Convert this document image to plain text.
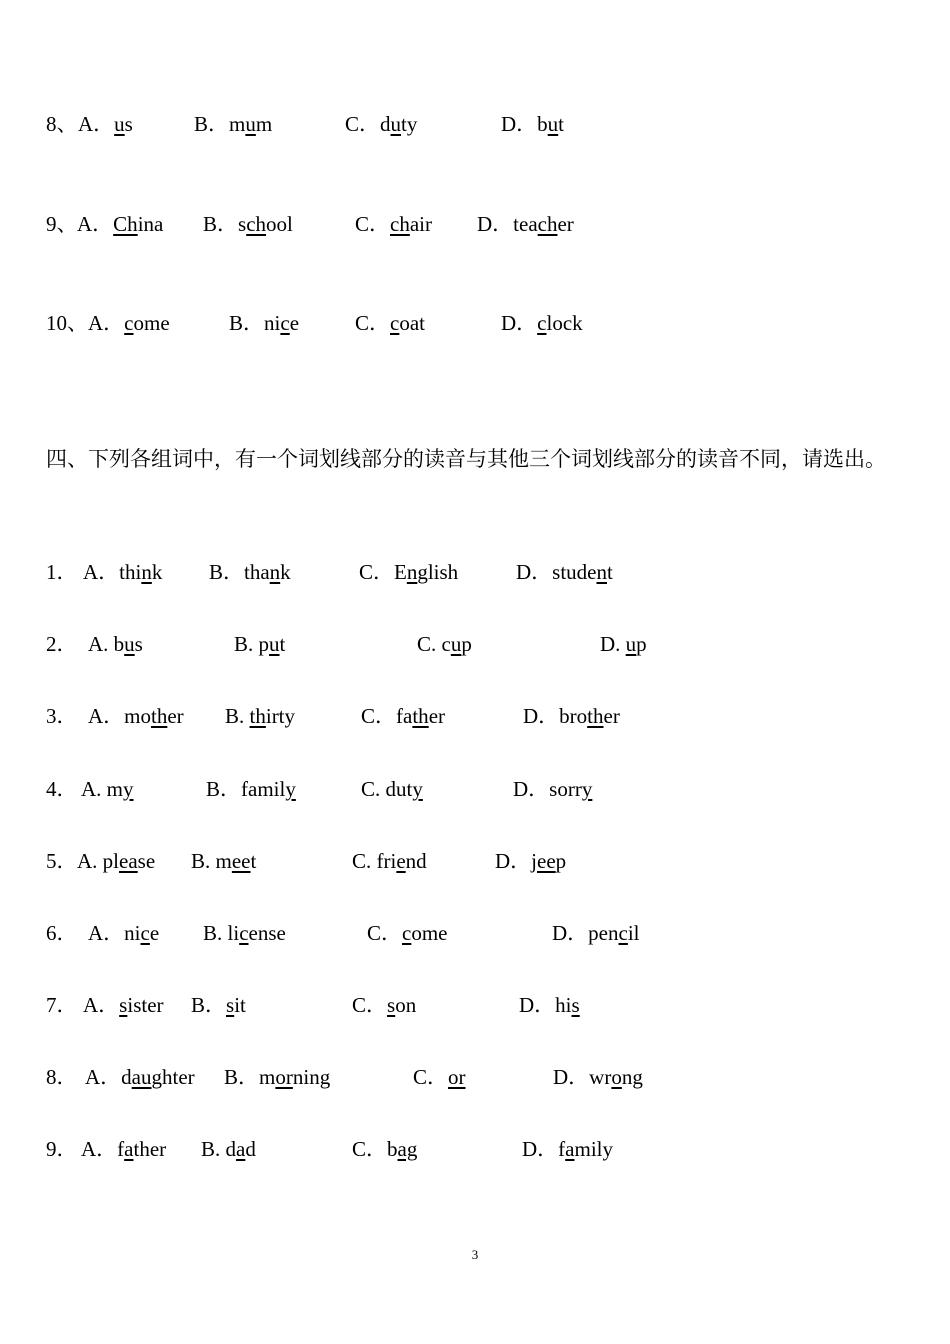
8、 A．us	B．mum	C．duty	D．but
9、 A．China B．school	C．chair D．teacher
10、 A．come	B．nice	C．coat	D．clock
四、下列各组词中，有一个词划线部分的读音与其他三个词划线部分的读音不同，请选出。
1． A．think B．thank	C．English	D．student
2． A. bus	B. put	C. cup	D. up
3． A．mother B. thirty	C．father	D．brother
4． A. my	B．family	C. duty	D．sorry
5． A. please B. meet	C. friend	D．jeep
6． A．nice B. license	C．come	D．pencil
7． A．sister B．sit	C．son	D．his
8． A．daughter B．morning	C．or	D．wrong
9． A．father B. dad	C．bag	D．family
3
